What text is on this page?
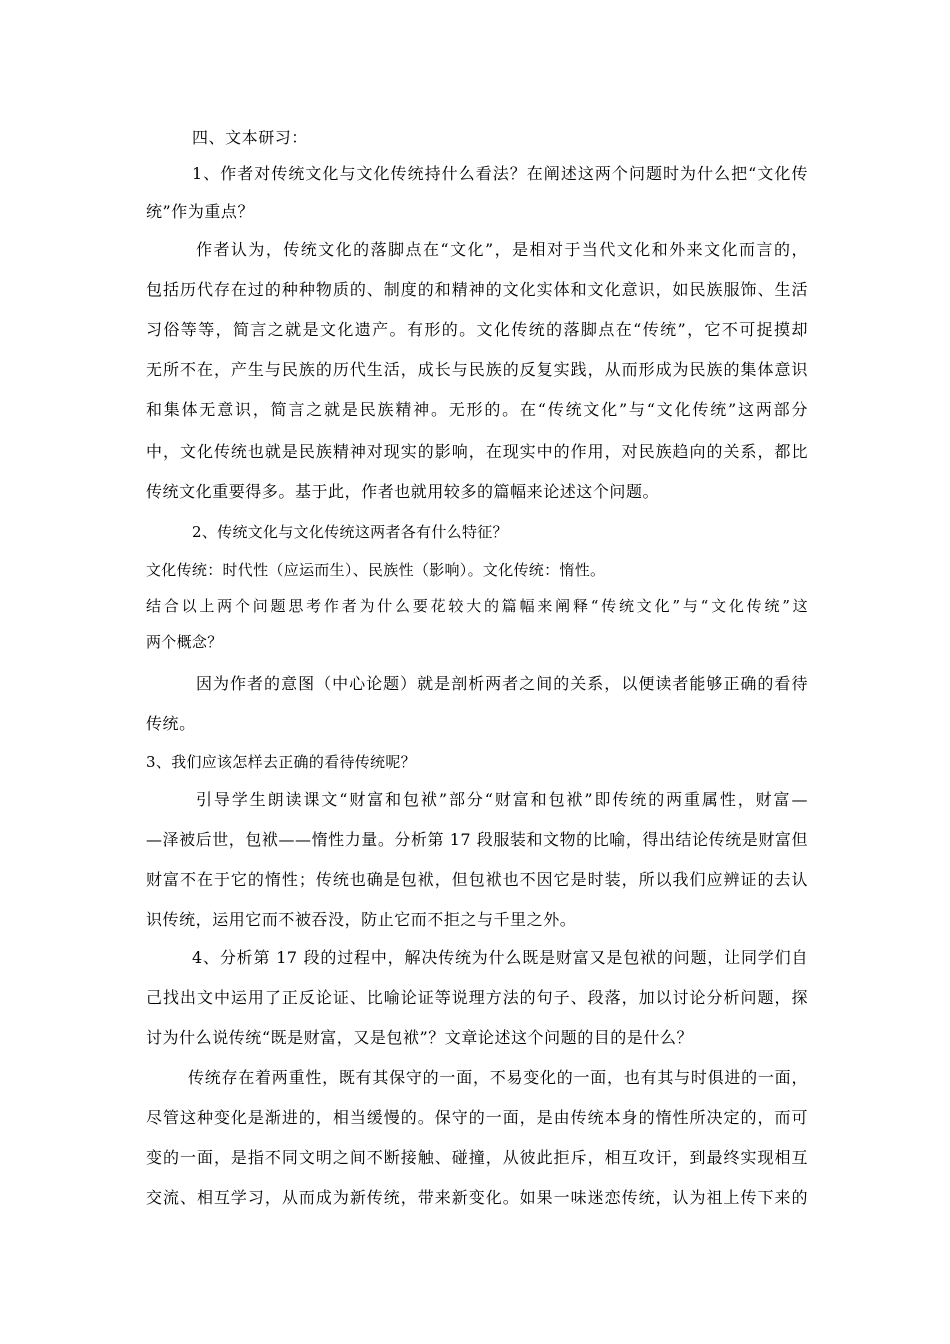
四、文本研习：
1、作者对传统文化与文化传统持什么看法？在阐述这两个问题时为什么把“文化传
统”作为重点？
作者认为，传统文化的落脚点在“文化”，是相对于当代文化和外来文化而言的，
包括历代存在过的种种物质的、制度的和精神的文化实体和文化意识，如民族服饰、生活
习俗等等，简言之就是文化遗产。有形的。文化传统的落脚点在“传统”，它不可捉摸却
无所不在，产生与民族的历代生活，成长与民族的反复实践，从而形成为民族的集体意识
和集体无意识，简言之就是民族精神。无形的。在“传统文化”与“文化传统”这两部分
中，文化传统也就是民族精神对现实的影响，在现实中的作用，对民族趋向的关系，都比
传统文化重要得多。基于此，作者也就用较多的篇幅来论述这个问题。
2、传统文化与文化传统这两者各有什么特征？
文化传统：时代性（应运而生）、民族性（影响）。文化传统：惰性。
结合以上两个问题思考作者为什么要花较大的篇幅来阐释“传统文化”与“文化传统”这
两个概念？
因为作者的意图（中心论题）就是剖析两者之间的关系，以便读者能够正确的看待
传统。
3、我们应该怎样去正确的看待传统呢？
引导学生朗读课文“财富和包袱”部分“财富和包袱”即传统的两重属性，财富—
—泽被后世，包袱——惰性力量。分析第 17 段服装和文物的比喻，得出结论传统是财富但
财富不在于它的惰性；传统也确是包袱，但包袱也不因它是时装，所以我们应辨证的去认
识传统，运用它而不被吞没，防止它而不拒之与千里之外。
4、分析第 17 段的过程中，解决传统为什么既是财富又是包袱的问题，让同学们自
己找出文中运用了正反论证、比喻论证等说理方法的句子、段落，加以讨论分析问题，探
讨为什么说传统“既是财富，又是包袱”？文章论述这个问题的目的是什么？
传统存在着两重性，既有其保守的一面，不易变化的一面，也有其与时俱进的一面，
尽管这种变化是渐进的，相当缓慢的。保守的一面，是由传统本身的惰性所决定的，而可
变的一面，是指不同文明之间不断接触、碰撞，从彼此拒斥，相互攻讦，到最终实现相互
交流、相互学习，从而成为新传统，带来新变化。如果一味迷恋传统，认为祖上传下来的
